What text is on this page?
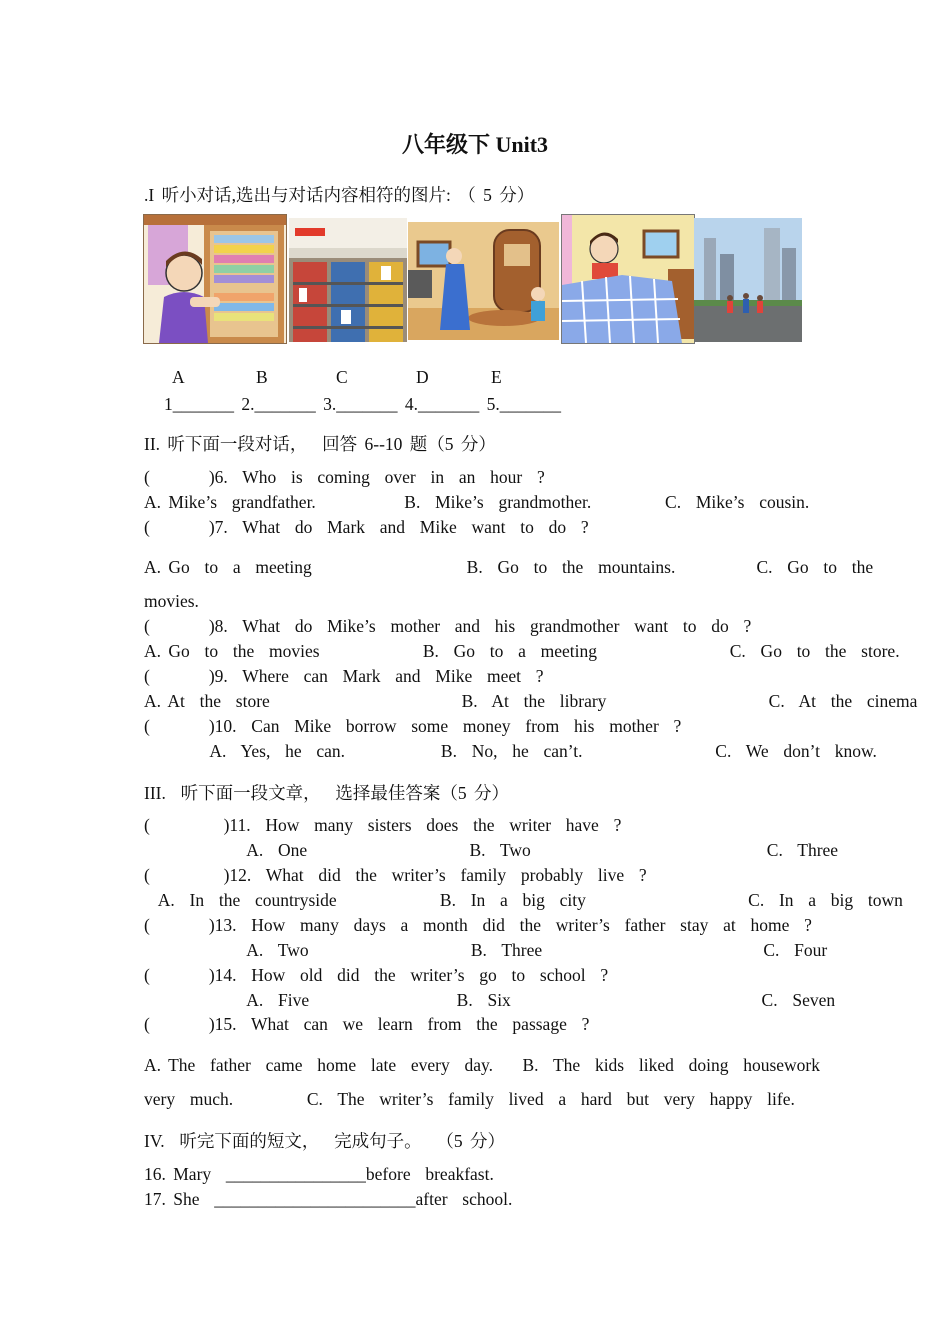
八年级下 Unit3
.I 听小对话,选出与对话内容相符的图片: （ 5 分）
A	B	C	D	E
1_______ 2._______ 3._______ 4._______ 5._______
II. 听下面一段对话，  回答 6--10 题（5 分）
(        )6.  Who  is  coming  over  in  an  hour  ?
A. Mike’s  grandfather.            B.  Mike’s  grandmother.          C.  Mike’s  cousin.
(        )7.  What  do  Mark  and  Mike  want  to  do  ?
A. Go  to  a  meeting                     B.  Go  to  the  mountains.           C.  Go  to  the
movies.
(        )8.  What  do  Mike’s  mother  and  his  grandmother  want  to  do  ?
A. Go  to  the  movies              B.  Go  to  a  meeting                  C.  Go  to  the  store.
(        )9.  Where  can  Mark  and  Mike  meet  ?
A. At  the  store                          B.  At  the  library                      C.  At  the  cinema
(        )10.  Can  Mike  borrow  some  money  from  his  mother  ?
A.  Yes,  he  can.             B.  No,  he  can’t.                  C.  We  don’t  know.
III.  听下面一段文章，  选择最佳答案（5 分）
(          )11.  How  many  sisters  does  the  writer  have  ?
A.  One                      B.  Two                                C.  Three
(          )12.  What  did  the  writer’s  family  probably  live  ?
A.  In  the  countryside              B.  In  a  big  city                      C.  In  a  big  town
(        )13.  How  many  days  a  month  did  the  writer’s  father  stay  at  home  ?
A.  Two                      B.  Three                              C.  Four
(        )14.  How  old  did  the  writer’s  go  to  school  ?
A.  Five                    B.  Six                                  C.  Seven
(        )15.  What  can  we  learn  from  the  passage  ?
A. The  father  came  home  late  every  day.    B.  The  kids  liked  doing  housework
very  much.          C.  The  writer’s  family  lived  a  hard  but  very  happy  life.
IV.  听完下面的短文，  完成句子。  （5 分）
16. Mary  ________________before  breakfast.
17. She  _______________________after  school.
